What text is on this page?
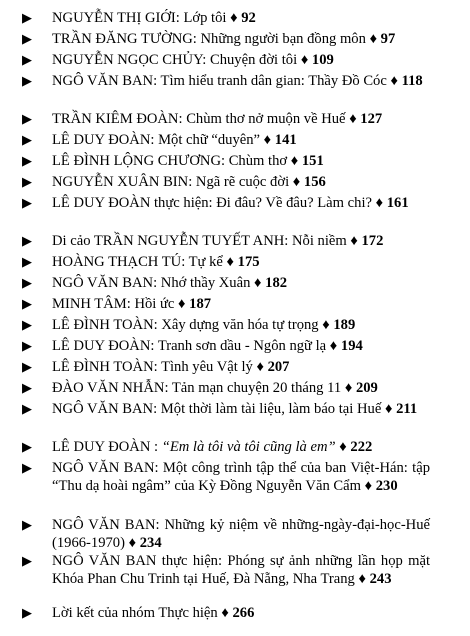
▶ NGUYỄN THỊ GIỚI: Lớp tôi ♦ 92
▶ TRẦN ĐĂNG TƯỜNG: Những người bạn đồng môn ♦ 97
▶ NGUYỄN NGỌC CHỦY: Chuyện đời tôi ♦ 109
▶ NGÔ VĂN BAN: Tìm hiểu tranh dân gian: Thầy Đồ Cóc ♦ 118
▶ TRẦN KIÊM ĐOÀN: Chùm thơ nở muộn về Huế ♦ 127
▶ LÊ DUY ĐOÀN: Một chữ “duyên” ♦ 141
▶ LÊ ĐÌNH LỘNG CHƯƠNG: Chùm thơ ♦ 151
▶ NGUYỄN XUÂN BIN: Ngã rẽ cuộc đời ♦ 156
▶ LÊ DUY ĐOÀN thực hiện: Đi đâu? Về đâu? Làm chi? ♦ 161
▶ Di cảo TRẦN NGUYỄN TUYẾT ANH: Nỗi niềm ♦ 172
▶ HOÀNG THẠCH TÚ: Tự kể ♦ 175
▶ NGÔ VĂN BAN: Nhớ thầy Xuân ♦ 182
▶ MINH TÂM: Hồi ức ♦ 187
▶ LÊ ĐÌNH TOÀN: Xây dựng văn hóa tự trọng ♦ 189
▶ LÊ DUY ĐOÀN: Tranh sơn dầu - Ngôn ngữ lạ ♦ 194
▶ LÊ ĐÌNH TOÀN: Tình yêu Vật lý ♦ 207
▶ ĐÀO VĂN NHẪN: Tản mạn chuyện 20 tháng 11 ♦ 209
▶ NGÔ VĂN BAN: Một thời làm tài liệu, làm báo tại Huế ♦ 211
▶ LÊ DUY ĐOÀN : “Em là tôi và tôi cũng là em” ♦ 222
▶ NGÔ VĂN BAN: Một công trình tập thể của ban Việt-Hán: tập “Thu dạ hoài ngâm” của Kỳ Đồng Nguyễn Văn Cẩm ♦ 230
▶ NGÔ VĂN BAN: Những kỷ niệm về những-ngày-đại-học-Huế (1966-1970) ♦ 234
▶ NGÔ VĂN BAN thực hiện: Phóng sự ảnh những lần họp mặt Khóa Phan Chu Trinh tại Huế, Đà Nẵng, Nha Trang ♦ 243
▶ Lời kết của nhóm Thực hiện ♦ 266
